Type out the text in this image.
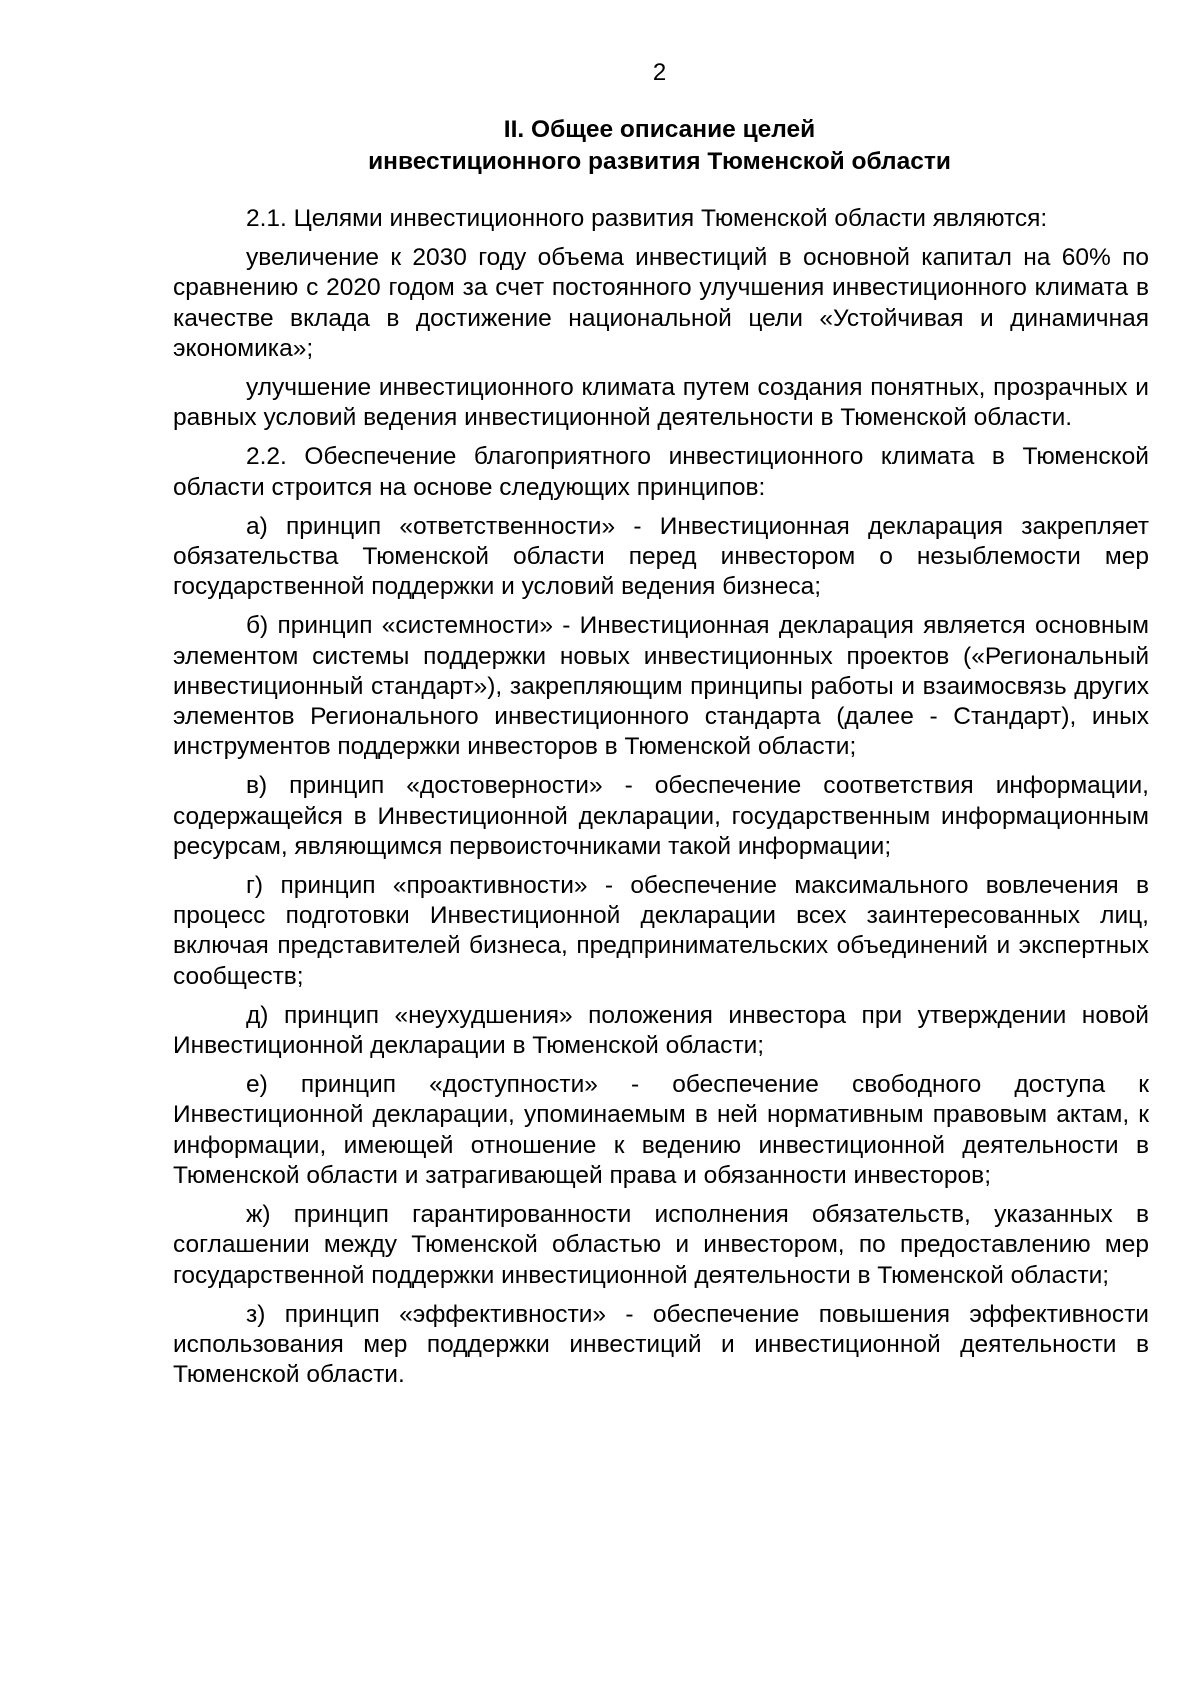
2
II. Общее описание целей
инвестиционного развития Тюменской области

2.1. Целями инвестиционного развития Тюменской области являются:

увеличение к 2030 году объема инвестиций в основной капитал на 60% по сравнению с 2020 годом за счет постоянного улучшения инвестиционного климата в качестве вклада в достижение национальной цели «Устойчивая и динамичная экономика»;

улучшение инвестиционного климата путем создания понятных, прозрачных и равных условий ведения инвестиционной деятельности в Тюменской области.

2.2. Обеспечение благоприятного инвестиционного климата в Тюменской области строится на основе следующих принципов:

а) принцип «ответственности» - Инвестиционная декларация закрепляет обязательства Тюменской области перед инвестором о незыблемости мер государственной поддержки и условий ведения бизнеса;

б) принцип «системности» - Инвестиционная декларация является основным элементом системы поддержки новых инвестиционных проектов («Региональный инвестиционный стандарт»), закрепляющим принципы работы и взаимосвязь других элементов Регионального инвестиционного стандарта (далее - Стандарт), иных инструментов поддержки инвесторов в Тюменской области;

в) принцип «достоверности» - обеспечение соответствия информации, содержащейся в Инвестиционной декларации, государственным информационным ресурсам, являющимся первоисточниками такой информации;

г) принцип «проактивности» - обеспечение максимального вовлечения в процесс подготовки Инвестиционной декларации всех заинтересованных лиц, включая представителей бизнеса, предпринимательских объединений и экспертных сообществ;

д) принцип «неухудшения» положения инвестора при утверждении новой Инвестиционной декларации в Тюменской области;

е) принцип «доступности» - обеспечение свободного доступа к Инвестиционной декларации, упоминаемым в ней нормативным правовым актам, к информации, имеющей отношение к ведению инвестиционной деятельности в Тюменской области и затрагивающей права и обязанности инвесторов;

ж) принцип гарантированности исполнения обязательств, указанных в соглашении между Тюменской областью и инвестором, по предоставлению мер государственной поддержки инвестиционной деятельности в Тюменской области;

з) принцип «эффективности» - обеспечение повышения эффективности использования мер поддержки инвестиций и инвестиционной деятельности в Тюменской области.
